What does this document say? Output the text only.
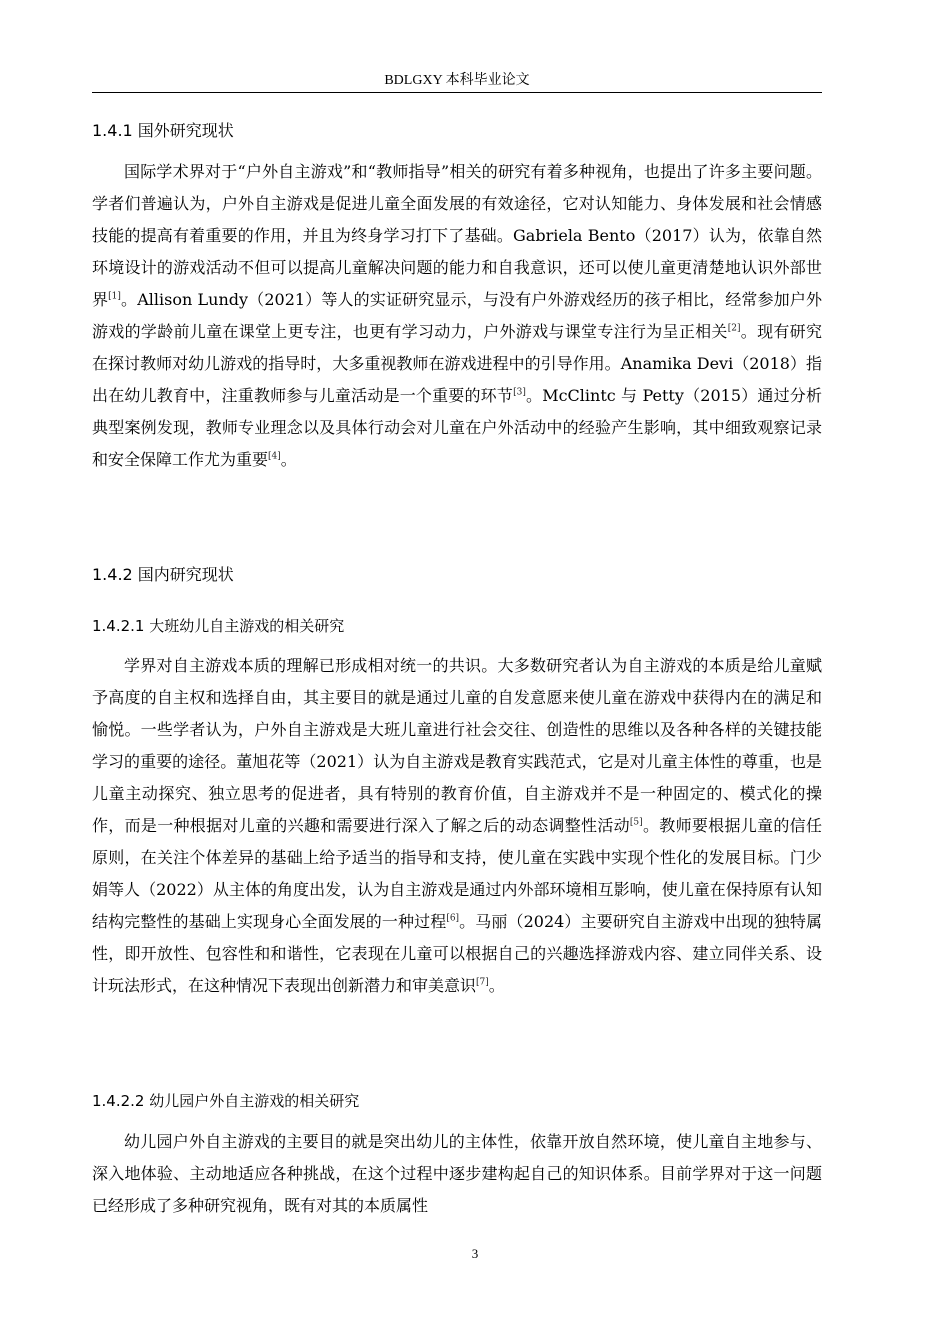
BDLGXY 本科毕业论文
1.4.1 国外研究现状

国际学术界对于“户外自主游戏”和“教师指导”相关的研究有着多种视角，也提出了许多主要问题。学者们普遍认为，户外自主游戏是促进儿童全面发展的有效途径，它对认知能力、身体发展和社会情感技能的提高有着重要的作用，并且为终身学习打下了基础。Gabriela Bento（2017）认为，依靠自然环境设计的游戏活动不但可以提高儿童解决问题的能力和自我意识，还可以使儿童更清楚地认识外部世界[1]。Allison Lundy（2021）等人的实证研究显示，与没有户外游戏经历的孩子相比，经常参加户外游戏的学龄前儿童在课堂上更专注，也更有学习动力，户外游戏与课堂专注行为呈正相关[2]。现有研究在探讨教师对幼儿游戏的指导时，大多重视教师在游戏进程中的引导作用。Anamika Devi（2018）指出在幼儿教育中，注重教师参与儿童活动是一个重要的环节[3]。McClintc 与 Petty（2015）通过分析典型案例发现，教师专业理念以及具体行动会对儿童在户外活动中的经验产生影响，其中细致观察记录和安全保障工作尤为重要[4]。

1.4.2 国内研究现状
1.4.2.1 大班幼儿自主游戏的相关研究

学界对自主游戏本质的理解已形成相对统一的共识。大多数研究者认为自主游戏的本质是给儿童赋予高度的自主权和选择自由，其主要目的就是通过儿童的自发意愿来使儿童在游戏中获得内在的满足和愉悦。一些学者认为，户外自主游戏是大班儿童进行社会交往、创造性的思维以及各种各样的关键技能学习的重要的途径。董旭花等（2021）认为自主游戏是教育实践范式，它是对儿童主体性的尊重，也是儿童主动探究、独立思考的促进者，具有特别的教育价值，自主游戏并不是一种固定的、模式化的操作，而是一种根据对儿童的兴趣和需要进行深入了解之后的动态调整性活动[5]。教师要根据儿童的信任原则，在关注个体差异的基础上给予适当的指导和支持，使儿童在实践中实现个性化的发展目标。门少娟等人（2022）从主体的角度出发，认为自主游戏是通过内外部环境相互影响，使儿童在保持原有认知结构完整性的基础上实现身心全面发展的一种过程[6]。马丽（2024）主要研究自主游戏中出现的独特属性，即开放性、包容性和和谐性，它表现在儿童可以根据自己的兴趣选择游戏内容、建立同伴关系、设计玩法形式，在这种情况下表现出创新潜力和审美意识[7]。

1.4.2.2 幼儿园户外自主游戏的相关研究

幼儿园户外自主游戏的主要目的就是突出幼儿的主体性，依靠开放自然环境，使儿童自主地参与、深入地体验、主动地适应各种挑战，在这个过程中逐步建构起自己的知识体系。目前学界对于这一问题已经形成了多种研究视角，既有对其的本质属性

3
